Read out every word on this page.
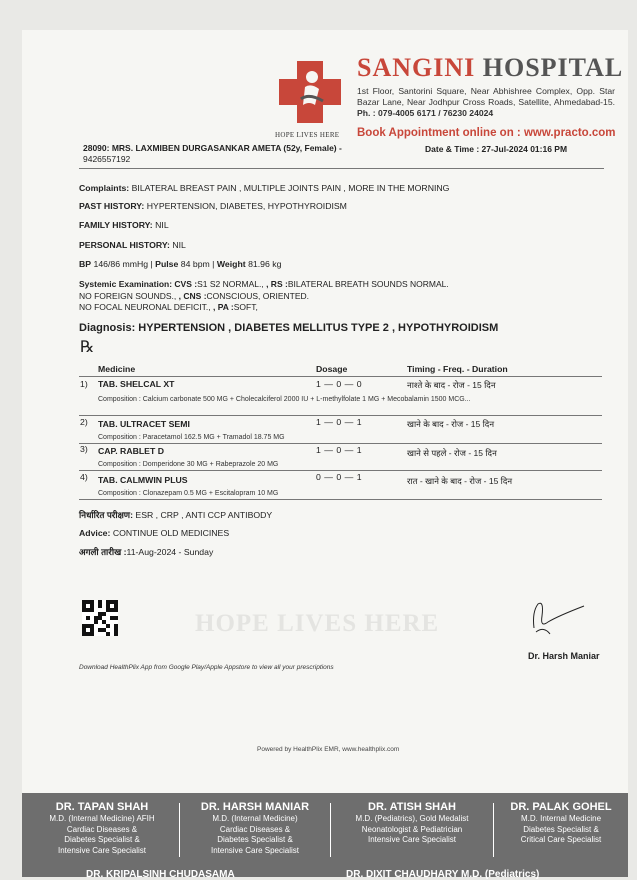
HOPE LIVES HERE
SANGINI HOSPITAL
1st Floor, Santorini Square, Near Abhishree Complex, Opp. Star Bazar Lane, Near Jodhpur Cross Roads, Satellite, Ahmedabad-15. Ph. : 079-4005 6171 / 76230 24024
Book Appointment online on : www.practo.com
28090: MRS. LAXMIBEN DURGASANKAR AMETA (52y, Female) -
9426557192
Date & Time : 27-Jul-2024 01:16 PM
Complaints: BILATERAL BREAST PAIN , MULTIPLE JOINTS PAIN , MORE IN THE MORNING
PAST HISTORY: HYPERTENSION, DIABETES, HYPOTHYROIDISM
FAMILY HISTORY: NIL
PERSONAL HISTORY: NIL
BP 146/86 mmHg | Pulse 84 bpm | Weight 81.96 kg
Systemic Examination: CVS :S1 S2 NORMAL., , RS :BILATERAL BREATH SOUNDS NORMAL.
NO FOREIGN SOUNDS., , CNS :CONSCIOUS, ORIENTED.
NO FOCAL NEURONAL DEFICIT., , PA :SOFT,
Diagnosis: HYPERTENSION , DIABETES MELLITUS TYPE 2 , HYPOTHYROIDISM
℞
Medicine	Dosage	Timing - Freq. - Duration
1) TAB. SHELCAL XT	1 — 0 — 0	नाश्ते के बाद - रोज - 15 दिन
Composition : Calcium carbonate 500 MG + Cholecalciferol 2000 IU + L-methylfolate 1 MG + Mecobalamin 1500 MCG...
2) TAB. ULTRACET SEMI	1 — 0 — 1	खाने के बाद - रोज - 15 दिन
Composition : Paracetamol 162.5 MG + Tramadol 18.75 MG
3) CAP. RABLET D	1 — 0 — 1	खाने से पहले - रोज - 15 दिन
Composition : Domperidone 30 MG + Rabeprazole 20 MG
4) TAB. CALMWIN PLUS	0 — 0 — 1	रात - खाने के बाद - रोज - 15 दिन
Composition : Clonazepam 0.5 MG + Escitalopram 10 MG
निर्धारित परीक्षण: ESR , CRP , ANTI CCP ANTIBODY
Advice: CONTINUE OLD MEDICINES
अगली तारीख :11-Aug-2024 - Sunday
HOPE LIVES HERE
Dr. Harsh Maniar
Download HealthPlix App from Google Play/Apple Appstore to view all your prescriptions
Powered by HealthPlix EMR, www.healthplix.com
DR. TAPAN SHAH
M.D. (Internal Medicine) AFIH
Cardiac Diseases &
Diabetes Specialist &
Intensive Care Specialist
DR. HARSH MANIAR
M.D. (Internal Medicine)
Cardiac Diseases &
Diabetes Specialist &
Intensive Care Specialist
DR. ATISH SHAH
M.D. (Pediatrics), Gold Medalist
Neonatologist & Pediatrician
Intensive Care Specialist
DR. PALAK GOHEL
M.D. Internal Medicine
Diabetes Specialist &
Critical Care Specialist
DR. KRIPALSINH CHUDASAMA	DR. DIXIT CHAUDHARY M.D. (Pediatrics)
